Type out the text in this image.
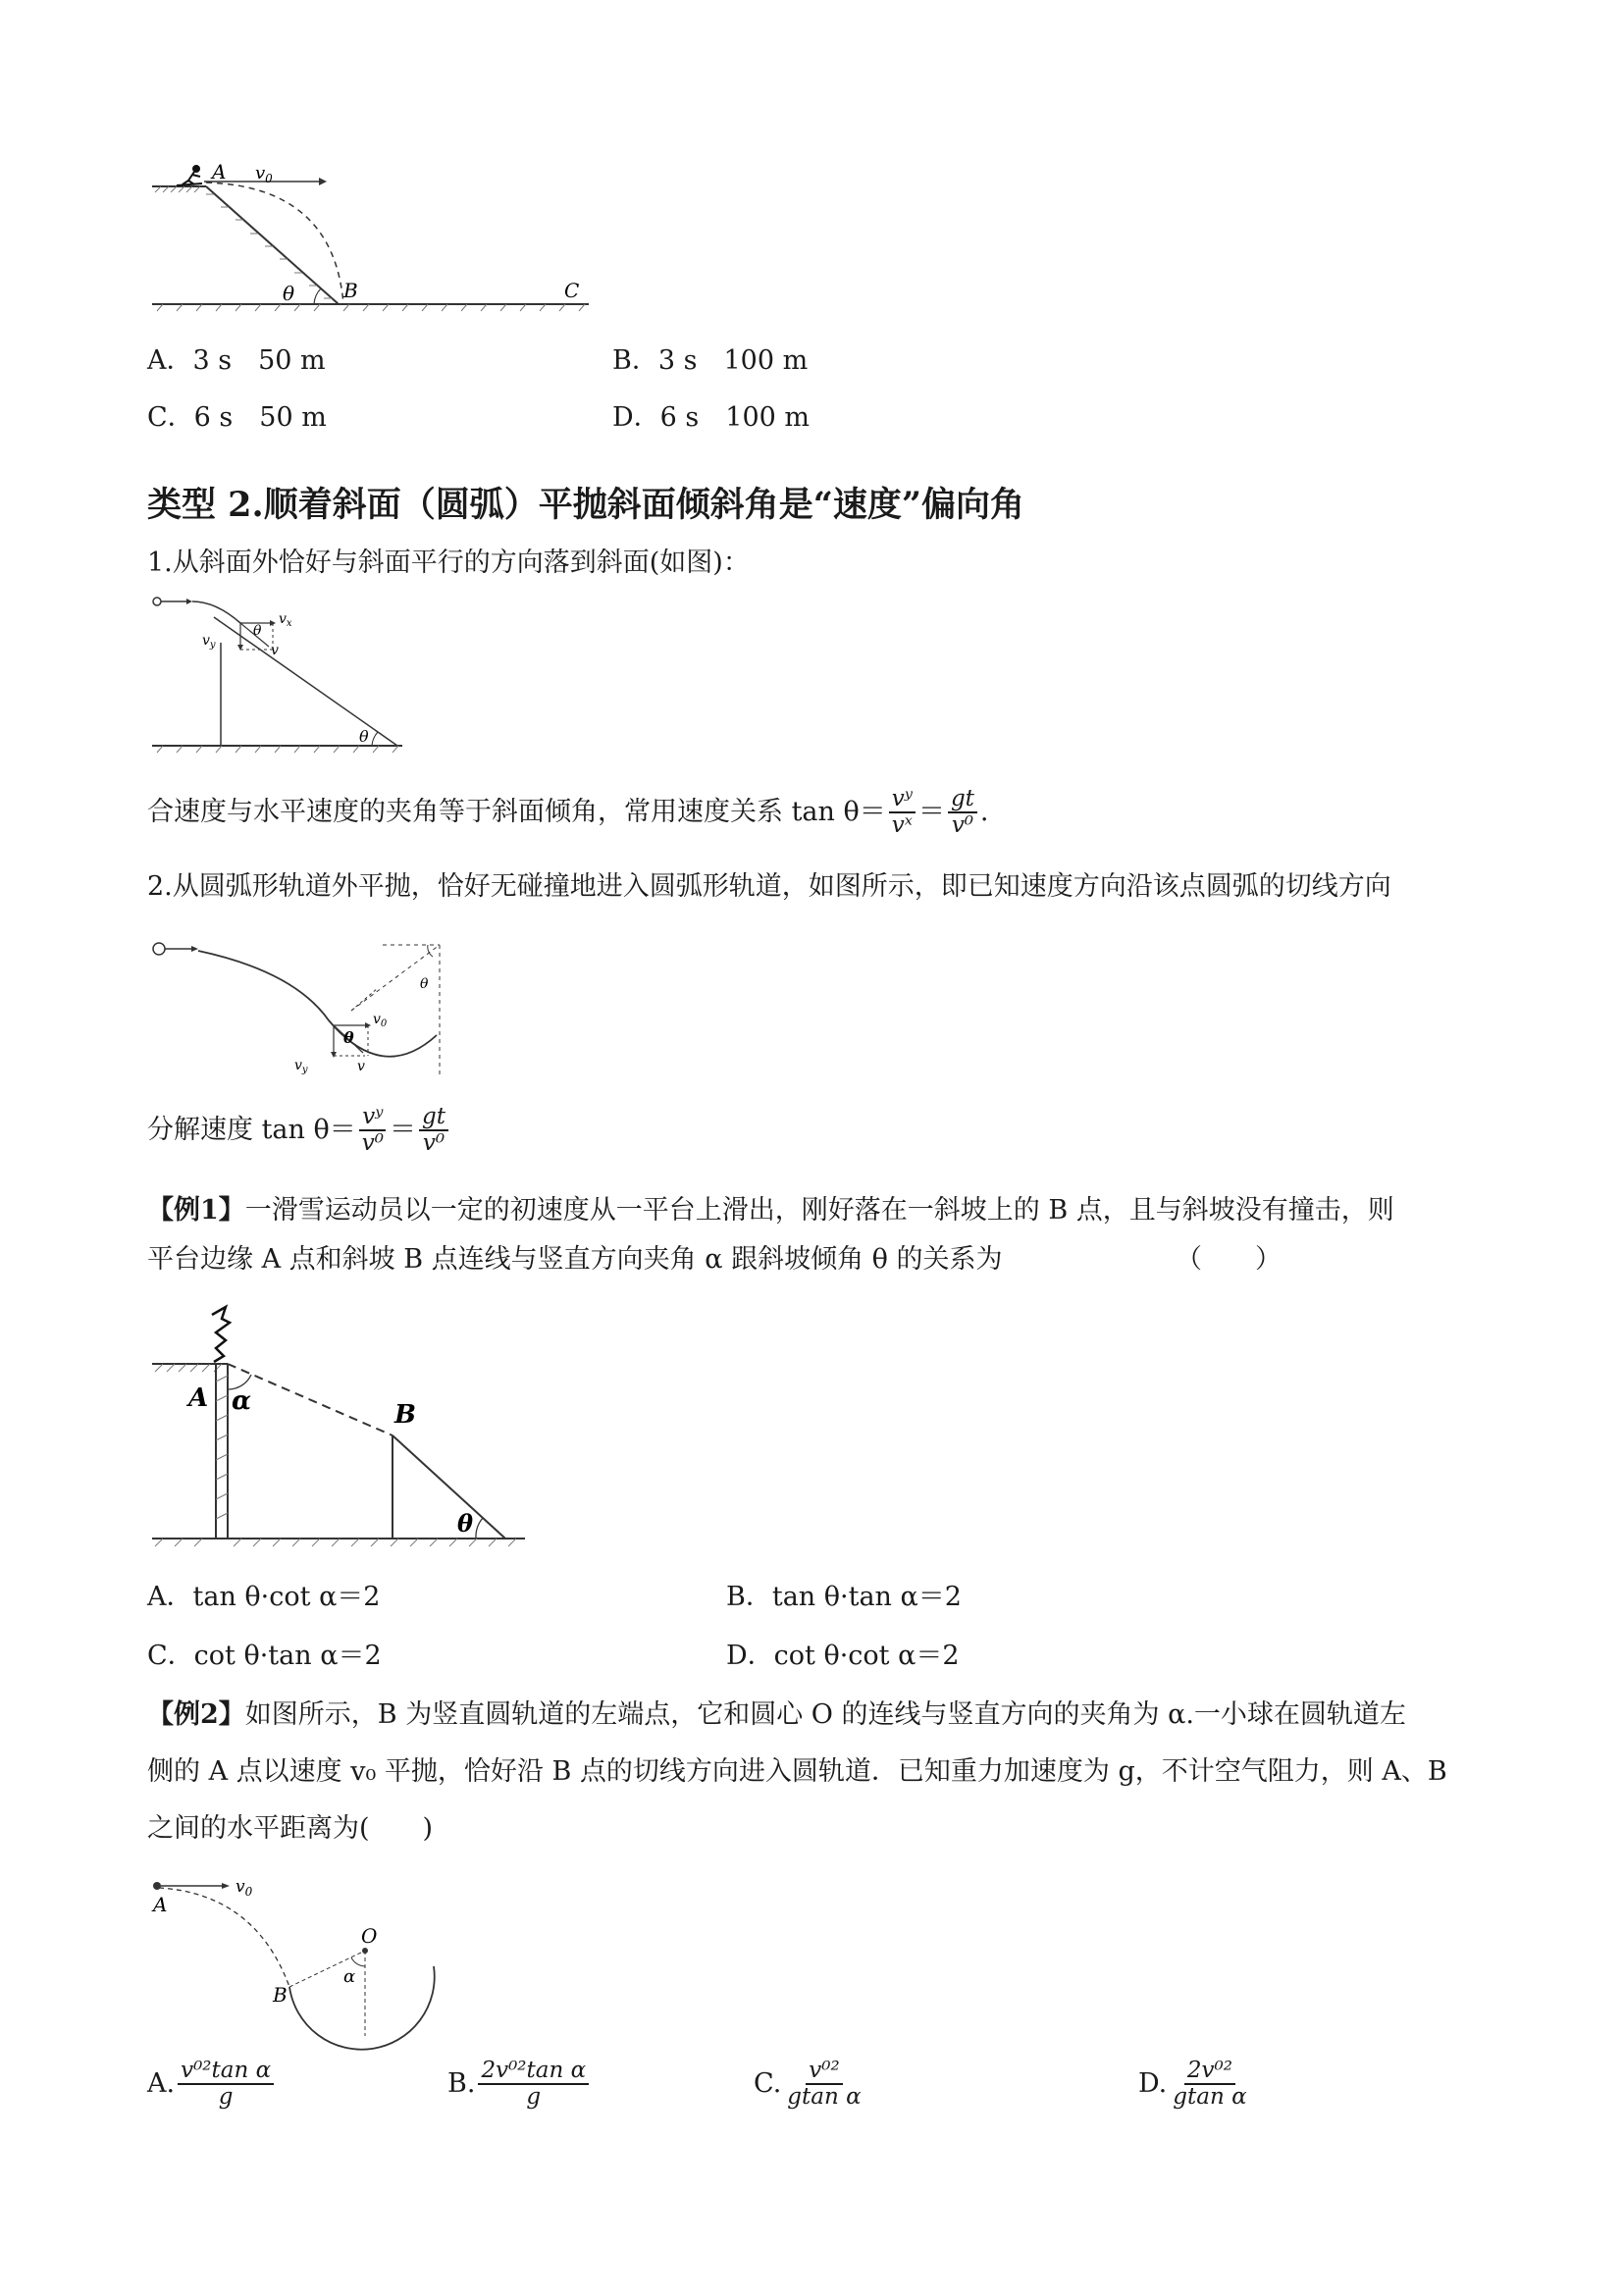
A $v_0$
B	C
θ
A．3 s　50 m	B．3 s　100 m
C．6 s　50 m	D．6 s　100 m
类型 2.顺着斜面（圆弧）平抛斜面倾斜角是“速度”偏向角
1.从斜面外恰好与斜面平行的方向落到斜面(如图)：
$v_x$
$v_y$	v
θ
θ
合速度与水平速度的夹角等于斜面倾角，常用速度关系 $\tan \theta= \frac{\text{vʸ}}{\text{vˣ}} = \frac{gt}{\text{v⁰}}$ .
2.从圆弧形轨道外平抛，恰好无碰撞地进入圆弧形轨道，如图所示，即已知速度方向沿该点圆弧的切线方向
$v_0$
$v_y$	v
θ
θ
分解速度 $\tan \theta= \frac{\text{vʸ}}{\text{v⁰}} = \frac{gt}{\text{v⁰}}$
【例1】一滑雪运动员以一定的初速度从一平台上滑出，刚好落在一斜坡上的 B 点，且与斜坡没有撞击，则
平台边缘 A 点和斜坡 B 点连线与竖直方向夹角 α 跟斜坡倾角 θ 的关系为	（　　）
A α	B
θ
A．tan θ·cot α＝2	B．tan θ·tan α＝2
C．cot θ·tan α＝2	D．cot θ·cot α＝2
【例2】如图所示，B 为竖直圆轨道的左端点，它和圆心 O 的连线与竖直方向的夹角为 α.一小球在圆轨道左
侧的 A 点以速度 v₀ 平抛，恰好沿 B 点的切线方向进入圆轨道．已知重力加速度为 g，不计空气阻力，则 A、B
之间的水平距离为(　　)
A
$v_0$
O
α
B
A. $\frac{\text{v⁰²tan α}}{g}$	B. $\frac{\text{2v⁰²tan α}}{g}$	C. $\frac{\text{v⁰²}}{\text{gtan α}}$	D. $\frac{\text{2v⁰²}}{\text{gtan α}}$
